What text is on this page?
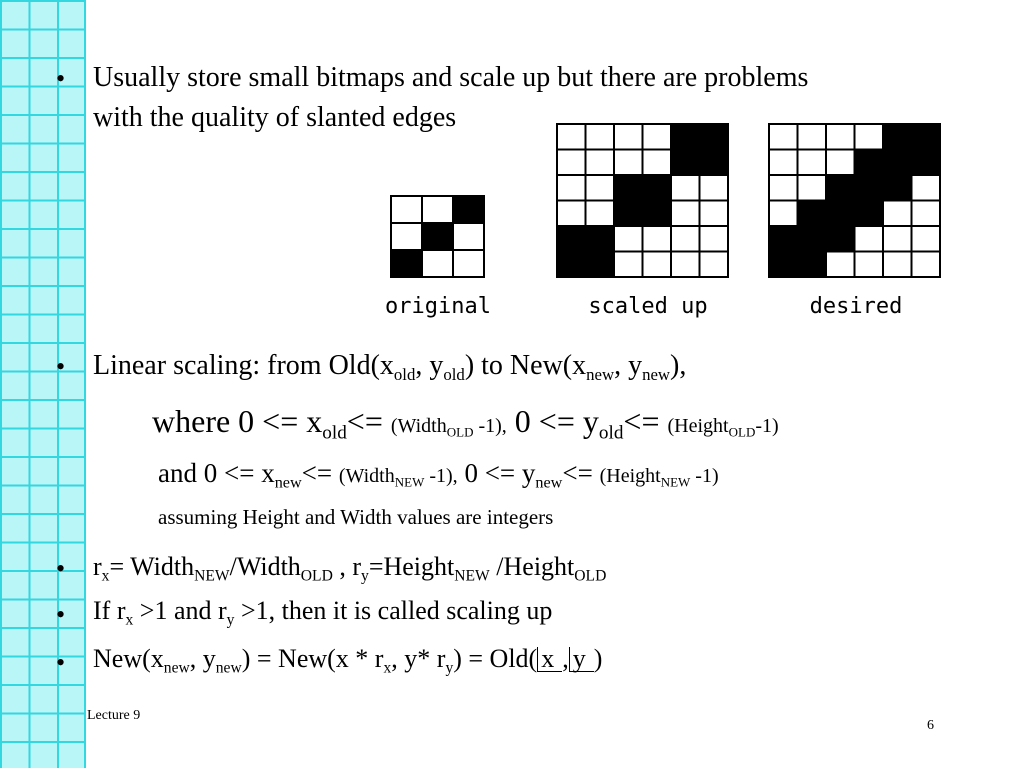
• Usually store small bitmaps and scale up but there are problems
with the quality of slanted edges
original	scaled up	desired
• Linear scaling: from $Old(x_{old}$, $y_{old}$) to $New(x_{new}$, $y_{new}$),
where $0 <= x_{old}<=$ (Width$_{OLD}$ -1), $0 <= y_{old}<=$ (Height$_{OLD}$-1)
and $0 <= x_{new}<=$ (Width$_{NEW}$ -1), $0 <= y_{new}<=$ (Height$_{NEW}$ -1)
assuming Height and Width values are integers
• $r_x=$ Width$_{NEW}$/Width$_{OLD}$ , $r_y=Height_{NEW}$ /Height$_{OLD}$
• If $r_x >1$ and $r_y >1$, then it is called scaling up
• $New(x_{new}$, $y_{new}) = New(x * r_x$, y* $r_y) = Old$( x , y )
Lecture 9
6
